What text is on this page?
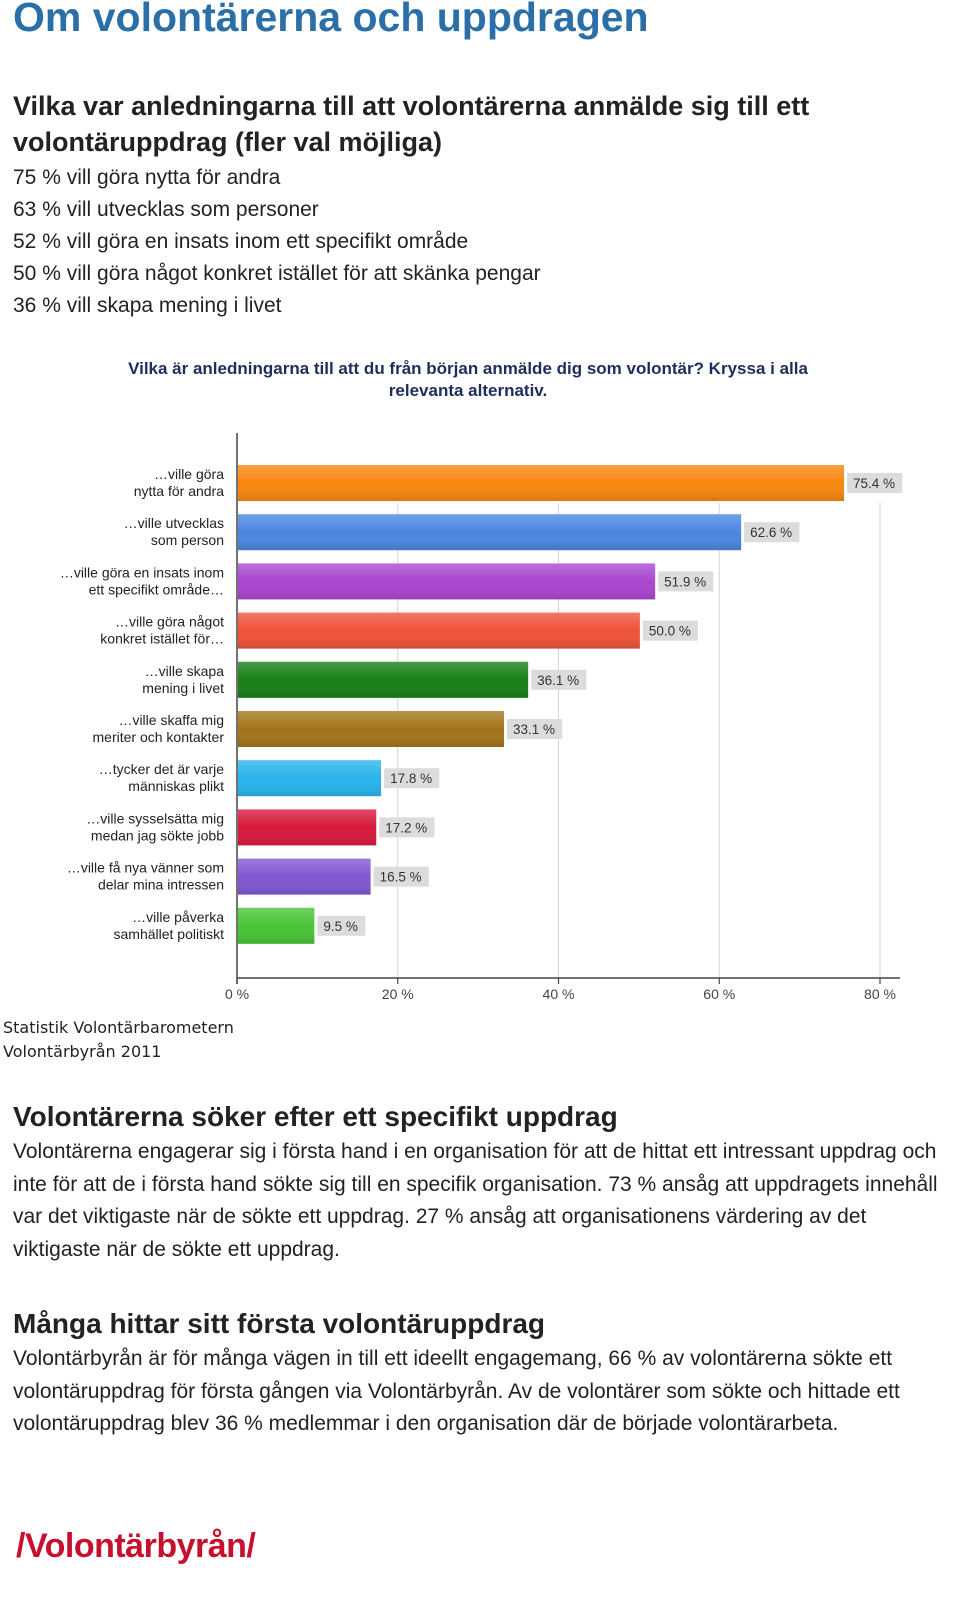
Om volontärerna och uppdragen
Vilka var anledningarna till att volontärerna anmälde sig till ett volontäruppdrag (fler val möjliga)
75 % vill göra nytta för andra
63 % vill utvecklas som personer
52 % vill göra en insats inom ett specifikt område
50 % vill göra något konkret istället för att skänka pengar
36 % vill skapa mening i livet
Vilka är anledningarna till att du från början anmälde dig som volontär? Kryssa i alla
relevanta alternativ.
75.4 %
62.6 %
51.9 %
50.0 %
36.1 %
33.1 %
17.8 %
17.2 %
16.5 %
9.5 %
…ville göra
nytta för andra
…ville utvecklas
som person
…ville göra en insats inom
ett specifikt område…
…ville göra något
konkret istället för…
…ville skapa
mening i livet
…ville skaffa mig
meriter och kontakter
…tycker det är varje
människas plikt
…ville sysselsätta mig
medan jag sökte jobb
…ville få nya vänner som
delar mina intressen
…ville påverka
samhället politiskt
0 %	20 %	40 %	60 %	80 %
Statistik Volontärbarometern
Volontärbyrån 2011
Volontärerna söker efter ett specifikt uppdrag

Volontärerna engagerar sig i första hand i en organisation för att de hittat ett intressant uppdrag och inte för att de i första hand sökte sig till en specifik organisation. 73 % ansåg att uppdragets innehåll var det viktigaste när de sökte ett uppdrag. 27 % ansåg att organisationens värdering av det viktigaste när de sökte ett uppdrag.

Många hittar sitt första volontäruppdrag

Volontärbyrån är för många vägen in till ett ideellt engagemang, 66 % av volontärerna sökte ett volontäruppdrag för första gången via Volontärbyrån. Av de volontärer som sökte och hittade ett volontäruppdrag blev 36 % medlemmar i den organisation där de började volontärarbeta.

/Volontärbyrån/
